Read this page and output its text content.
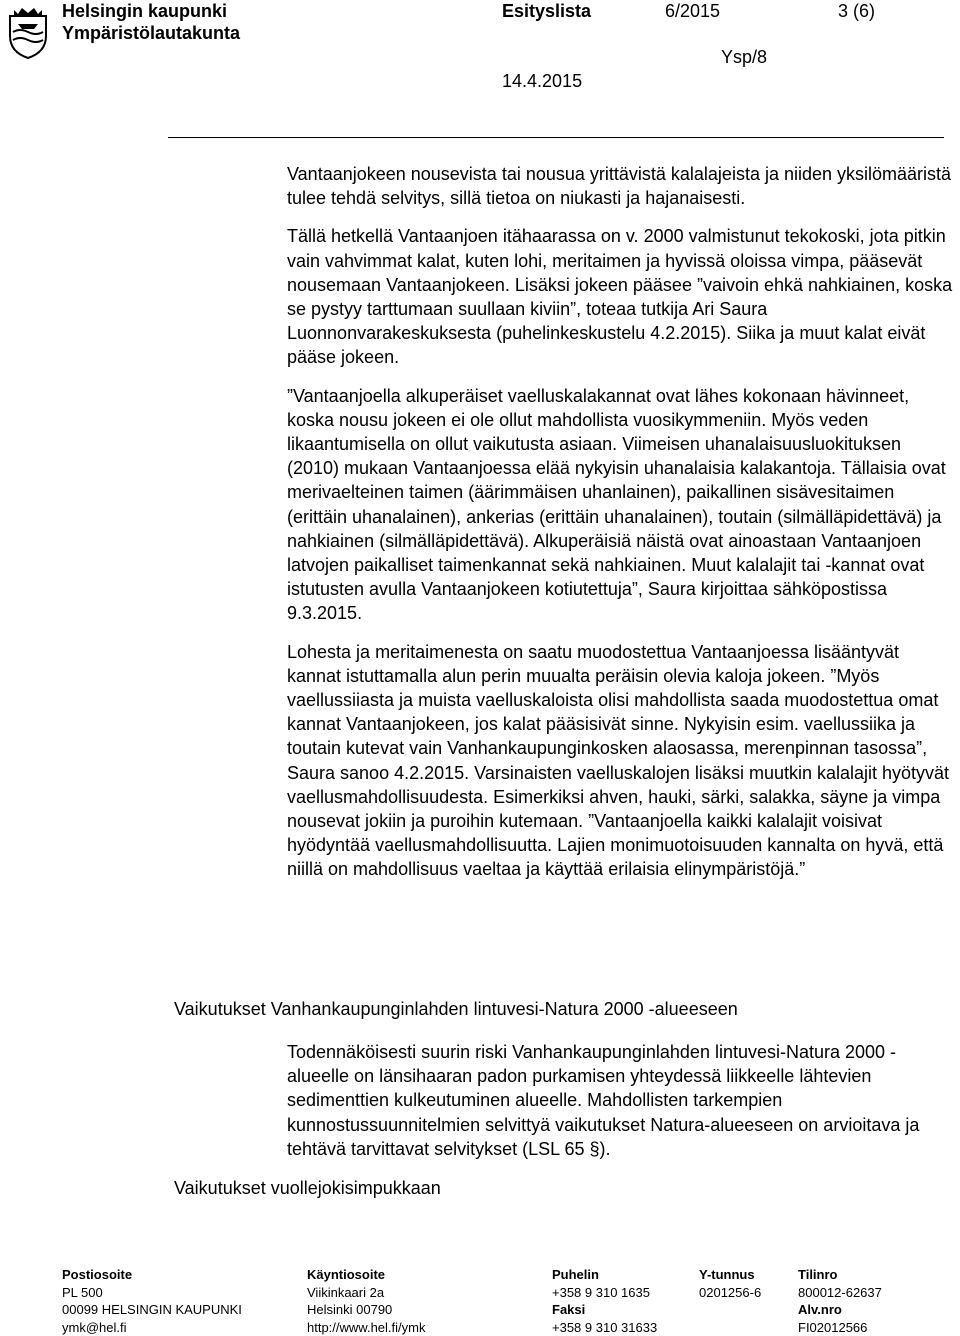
Helsingin kaupunki
Ympäristölautakunta
Esityslista	6/2015	3 (6)
Ysp/8
14.4.2015

Vantaanjokeen nousevista tai nousua yrittävistä kalalajeista ja niiden yksilömääristä tulee tehdä selvitys, sillä tietoa on niukasti ja hajanaisesti.

Tällä hetkellä Vantaanjoen itähaarassa on v. 2000 valmistunut tekokoski, jota pitkin vain vahvimmat kalat, kuten lohi, meritaimen ja hyvissä oloissa vimpa, pääsevät nousemaan Vantaanjokeen. Lisäksi jokeen pääsee ”vaivoin ehkä nahkiainen, koska se pystyy tarttumaan suullaan kiviin”, toteaa tutkija Ari Saura Luonnonvarakeskuksesta (puhelinkeskustelu 4.2.2015). Siika ja muut kalat eivät pääse jokeen.

”Vantaanjoella alkuperäiset vaelluskalakannat ovat lähes kokonaan hävinneet, koska nousu jokeen ei ole ollut mahdollista vuosikymmeniin. Myös veden likaantumisella on ollut vaikutusta asiaan. Viimeisen uhanalaisuusluokituksen (2010) mukaan Vantaanjoessa elää nykyisin uhanalaisia kalakantoja. Tällaisia ovat merivaelteinen taimen (äärimmäisen uhanlainen), paikallinen sisävesitaimen (erittäin uhanalainen), ankerias (erittäin uhanalainen), toutain (silmälläpidettävä) ja nahkiainen (silmälläpidettävä). Alkuperäisiä näistä ovat ainoastaan Vantaanjoen latvojen paikalliset taimenkannat sekä nahkiainen. Muut kalalajit tai -kannat ovat istutusten avulla Vantaanjokeen kotiutettuja”, Saura kirjoittaa sähköpostissa 9.3.2015.

Lohesta ja meritaimenesta on saatu muodostettua Vantaanjoessa lisääntyvät kannat istuttamalla alun perin muualta peräisin olevia kaloja jokeen. ”Myös vaellussiiasta ja muista vaelluskaloista olisi mahdollista saada muodostettua omat kannat Vantaanjokeen, jos kalat pääsisivät sinne. Nykyisin esim. vaellussiika ja toutain kutevat vain Vanhankaupunginkosken alaosassa, merenpinnan tasossa”, Saura sanoo 4.2.2015. Varsinaisten vaelluskalojen lisäksi muutkin kalalajit hyötyvät vaellusmahdollisuudesta. Esimerkiksi ahven, hauki, särki, salakka, säyne ja vimpa nousevat jokiin ja puroihin kutemaan. ”Vantaanjoella kaikki kalalajit voisivat hyödyntää vaellusmahdollisuutta. Lajien monimuotoisuuden kannalta on hyvä, että niillä on mahdollisuus vaeltaa ja käyttää erilaisia elinympäristöjä.”

Vaikutukset Vanhankaupunginlahden lintuvesi-Natura 2000 -alueeseen

Todennäköisesti suurin riski Vanhankaupunginlahden lintuvesi-Natura 2000 -alueelle on länsihaaran padon purkamisen yhteydessä liikkeelle lähtevien sedimenttien kulkeutuminen alueelle. Mahdollisten tarkempien kunnostussuunnitelmien selvittyä vaikutukset Natura-alueeseen on arvioitava ja tehtävä tarvittavat selvitykset (LSL 65 §).

Vaikutukset vuollejokisimpukkaan
Postiosoite
PL 500
00099 HELSINGIN KAUPUNKI
ymk@hel.fi
Käyntiosoite
Viikinkaari 2a
Helsinki 00790
http://www.hel.fi/ymk
Puhelin
+358 9 310 1635
Faksi
+358 9 310 31633
Y-tunnus
0201256-6
Tilinro
800012-62637
Alv.nro
FI02012566
